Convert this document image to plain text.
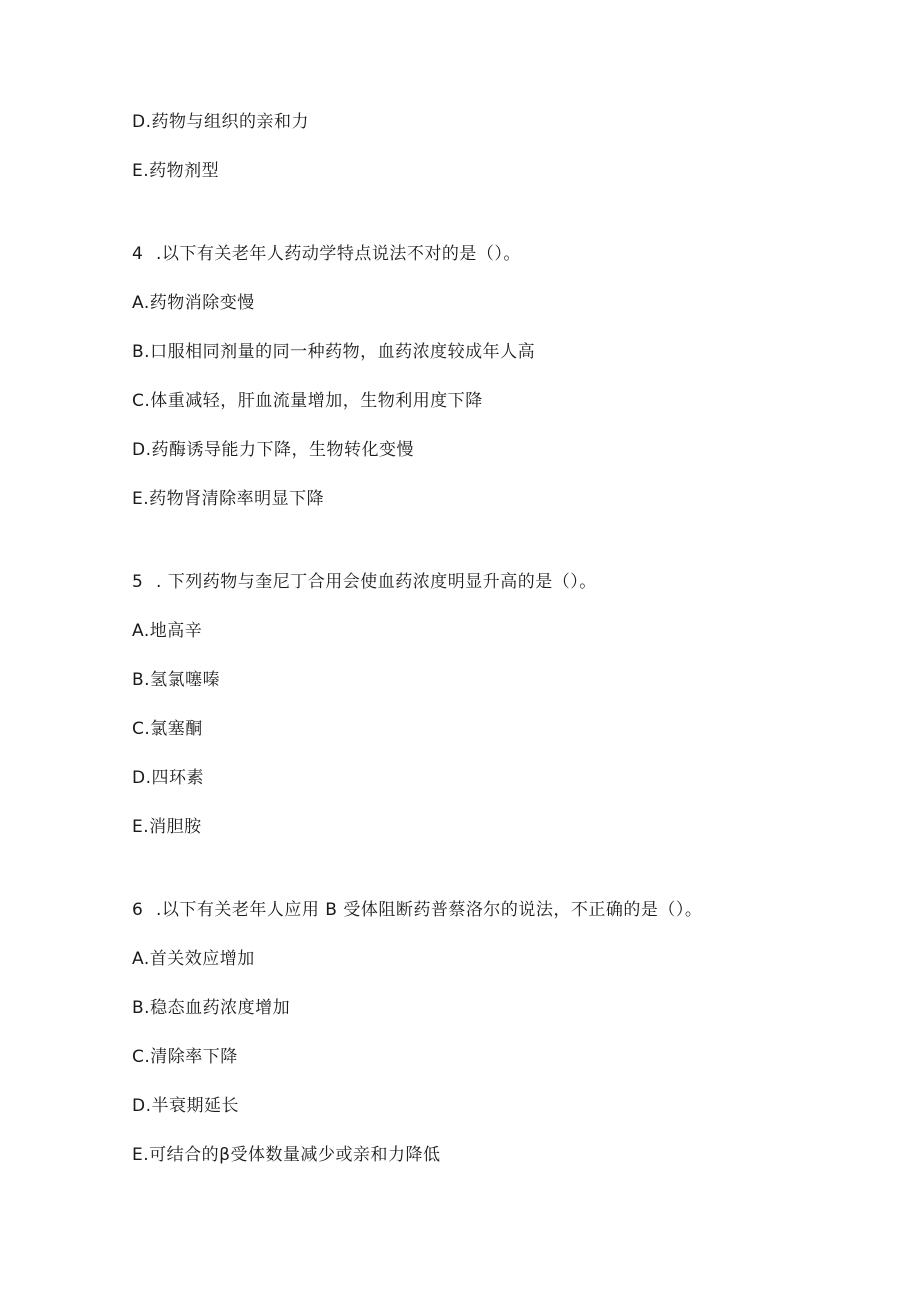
D.药物与组织的亲和力
E.药物剂型
4 .以下有关老年人药动学特点说法不对的是（）。
A.药物消除变慢
B.口服相同剂量的同一种药物，血药浓度较成年人高
C.体重减轻，肝血流量增加，生物利用度下降
D.药酶诱导能力下降，生物转化变慢
E.药物肾清除率明显下降
5 . 下列药物与奎尼丁合用会使血药浓度明显升高的是（）。
A.地高辛
B.氢氯噻嗪
C.氯塞酮
D.四环素
E.消胆胺
6 .以下有关老年人应用 B 受体阻断药普蔡洛尔的说法，不正确的是（）。
A.首关效应增加
B.稳态血药浓度增加
C.清除率下降
D.半衰期延长
E.可结合的β受体数量减少或亲和力降低
